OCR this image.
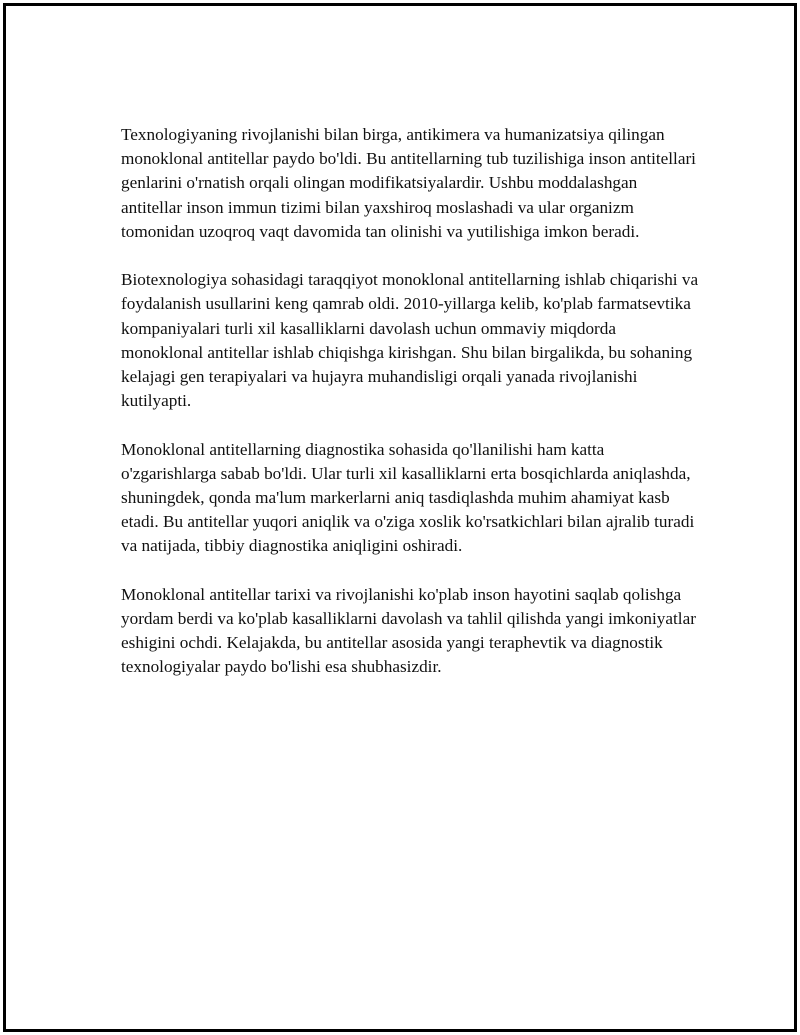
Texnologiyaning rivojlanishi bilan birga, antikimera va humanizatsiya qilingan monoklonal antitellar paydo bo'ldi. Bu antitellarning tub tuzilishiga inson antitellari genlarini o'rnatish orqali olingan modifikatsiyalardir. Ushbu moddalashgan antitellar inson immun tizimi bilan yaxshiroq moslashadi va ular organizm tomonidan uzoqroq vaqt davomida tan olinishi va yutilishiga imkon beradi.

Biotexnologiya sohasidagi taraqqiyot monoklonal antitellarning ishlab chiqarishi va foydalanish usullarini keng qamrab oldi. 2010-yillarga kelib, ko'plab farmatsevtika kompaniyalari turli xil kasalliklarni davolash uchun ommaviy miqdorda monoklonal antitellar ishlab chiqishga kirishgan. Shu bilan birgalikda, bu sohaning kelajagi gen terapiyalari va hujayra muhandisligi orqali yanada rivojlanishi kutilyapti.

Monoklonal antitellarning diagnostika sohasida qo'llanilishi ham katta o'zgarishlarga sabab bo'ldi. Ular turli xil kasalliklarni erta bosqichlarda aniqlashda, shuningdek, qonda ma'lum markerlarni aniq tasdiqlashda muhim ahamiyat kasb etadi. Bu antitellar yuqori aniqlik va o'ziga xoslik ko'rsatkichlari bilan ajralib turadi va natijada, tibbiy diagnostika aniqligini oshiradi.

Monoklonal antitellar tarixi va rivojlanishi ko'plab inson hayotini saqlab qolishga yordam berdi va ko'plab kasalliklarni davolash va tahlil qilishda yangi imkoniyatlar eshigini ochdi. Kelajakda, bu antitellar asosida yangi teraphevtik va diagnostik texnologiyalar paydo bo'lishi esa shubhasizdir.
